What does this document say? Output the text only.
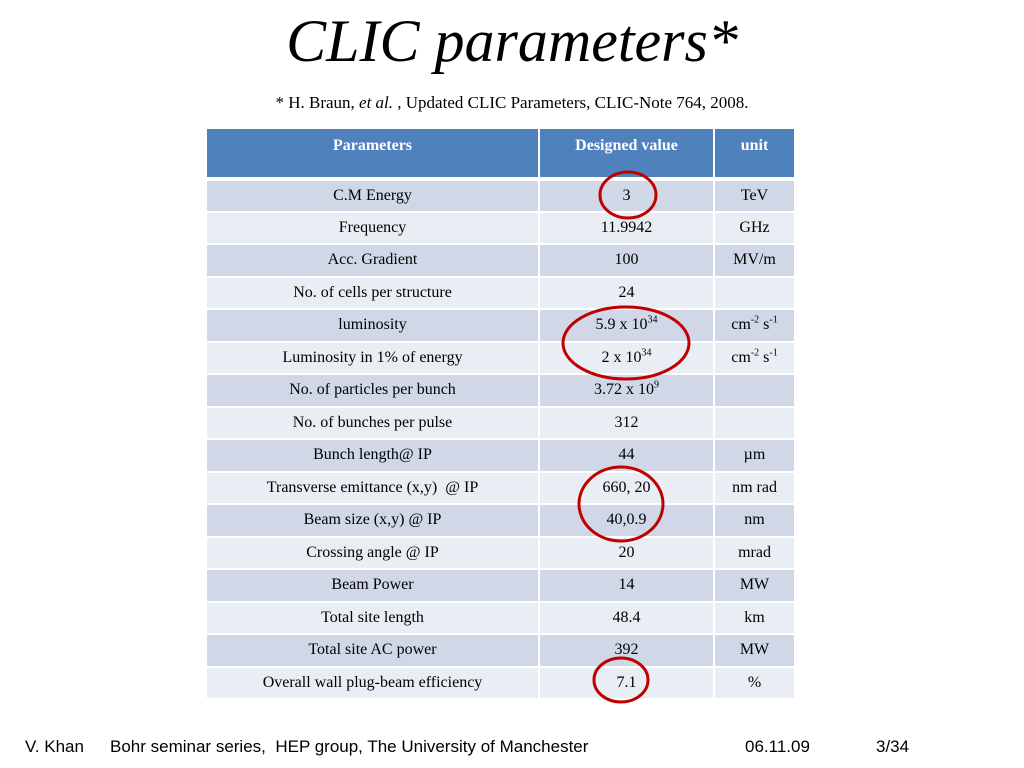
CLIC parameters*
* H. Braun, et al. , Updated CLIC Parameters, CLIC-Note 764, 2008.
Parameters	Designed value	unit
C.M Energy	3	TeV
Frequency	11.9942	GHz
Acc. Gradient	100	MV/m
No. of cells per structure	24	
luminosity	5.9 x $10^{34}$	$cm^{-2}$ $s^{-1}$
Luminosity in 1% of energy	2 x $10^{34}$	$cm^{-2}$ $s^{-1}$
No. of particles per bunch	3.72 x $10^9$	
No. of bunches per pulse	312	
Bunch length@ IP	44	µm
Transverse emittance (x,y)  @ IP	660, 20	nm rad
Beam size (x,y) @ IP	40,0.9	nm
Crossing angle @ IP	20	mrad
Beam Power	14	MW
Total site length	48.4	km
Total site AC power	392	MW
Overall wall plug-beam efficiency	7.1	%
V. Khan Bohr seminar series,  HEP group, The University of Manchester	06.11.09	3/34
